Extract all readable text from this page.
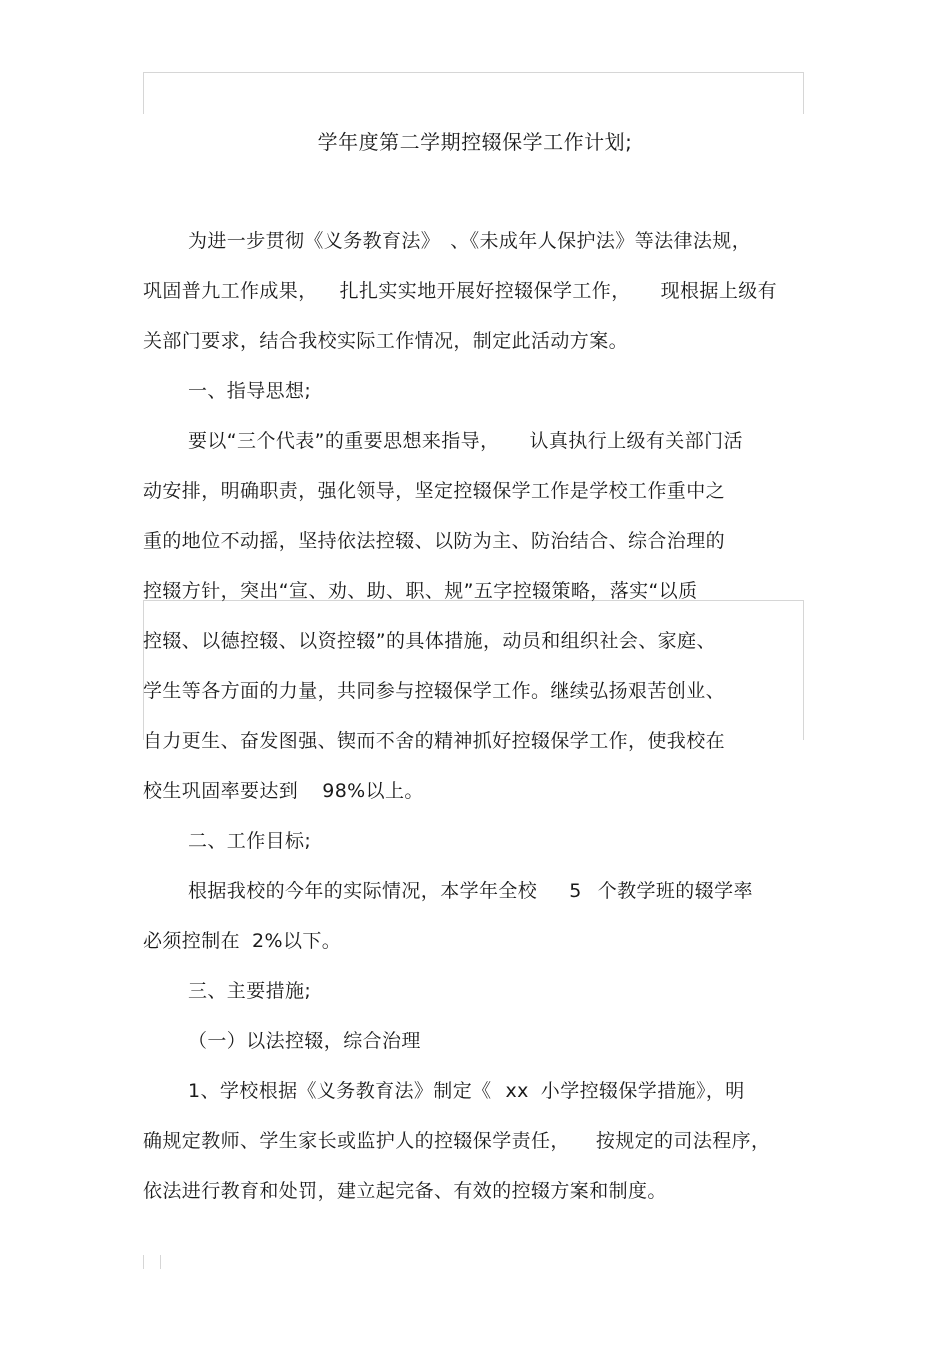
学年度第二学期控辍保学工作计划;
为进一步贯彻《义务教育法》 、《未成年人保护法》等法律法规，
巩固普九工作成果， 扎扎实实地开展好控辍保学工作， 现根据上级有
关部门要求，结合我校实际工作情况，制定此活动方案。
一、指导思想;
要以“三个代表”的重要思想来指导， 认真执行上级有关部门活
动安排，明确职责，强化领导，坚定控辍保学工作是学校工作重中之
重的地位不动摇，坚持依法控辍、以防为主、防治结合、综合治理的
控辍方针，突出“宣、劝、助、职、规”五字控辍策略，落实“以质
控辍、以德控辍、以资控辍”的具体措施，动员和组织社会、家庭、
学生等各方面的力量，共同参与控辍保学工作。继续弘扬艰苦创业、
自力更生、奋发图强、锲而不舍的精神抓好控辍保学工作，使我校在
校生巩固率要达到 98%以上。
二、工作目标;
根据我校的今年的实际情况，本学年全校 5 个教学班的辍学率
必须控制在 2%以下。
三、主要措施;
（一）以法控辍，综合治理
1、学校根据《义务教育法》制定《 xx 小学控辍保学措施》，明
确规定教师、学生家长或监护人的控辍保学责任， 按规定的司法程序，
依法进行教育和处罚，建立起完备、有效的控辍方案和制度。
